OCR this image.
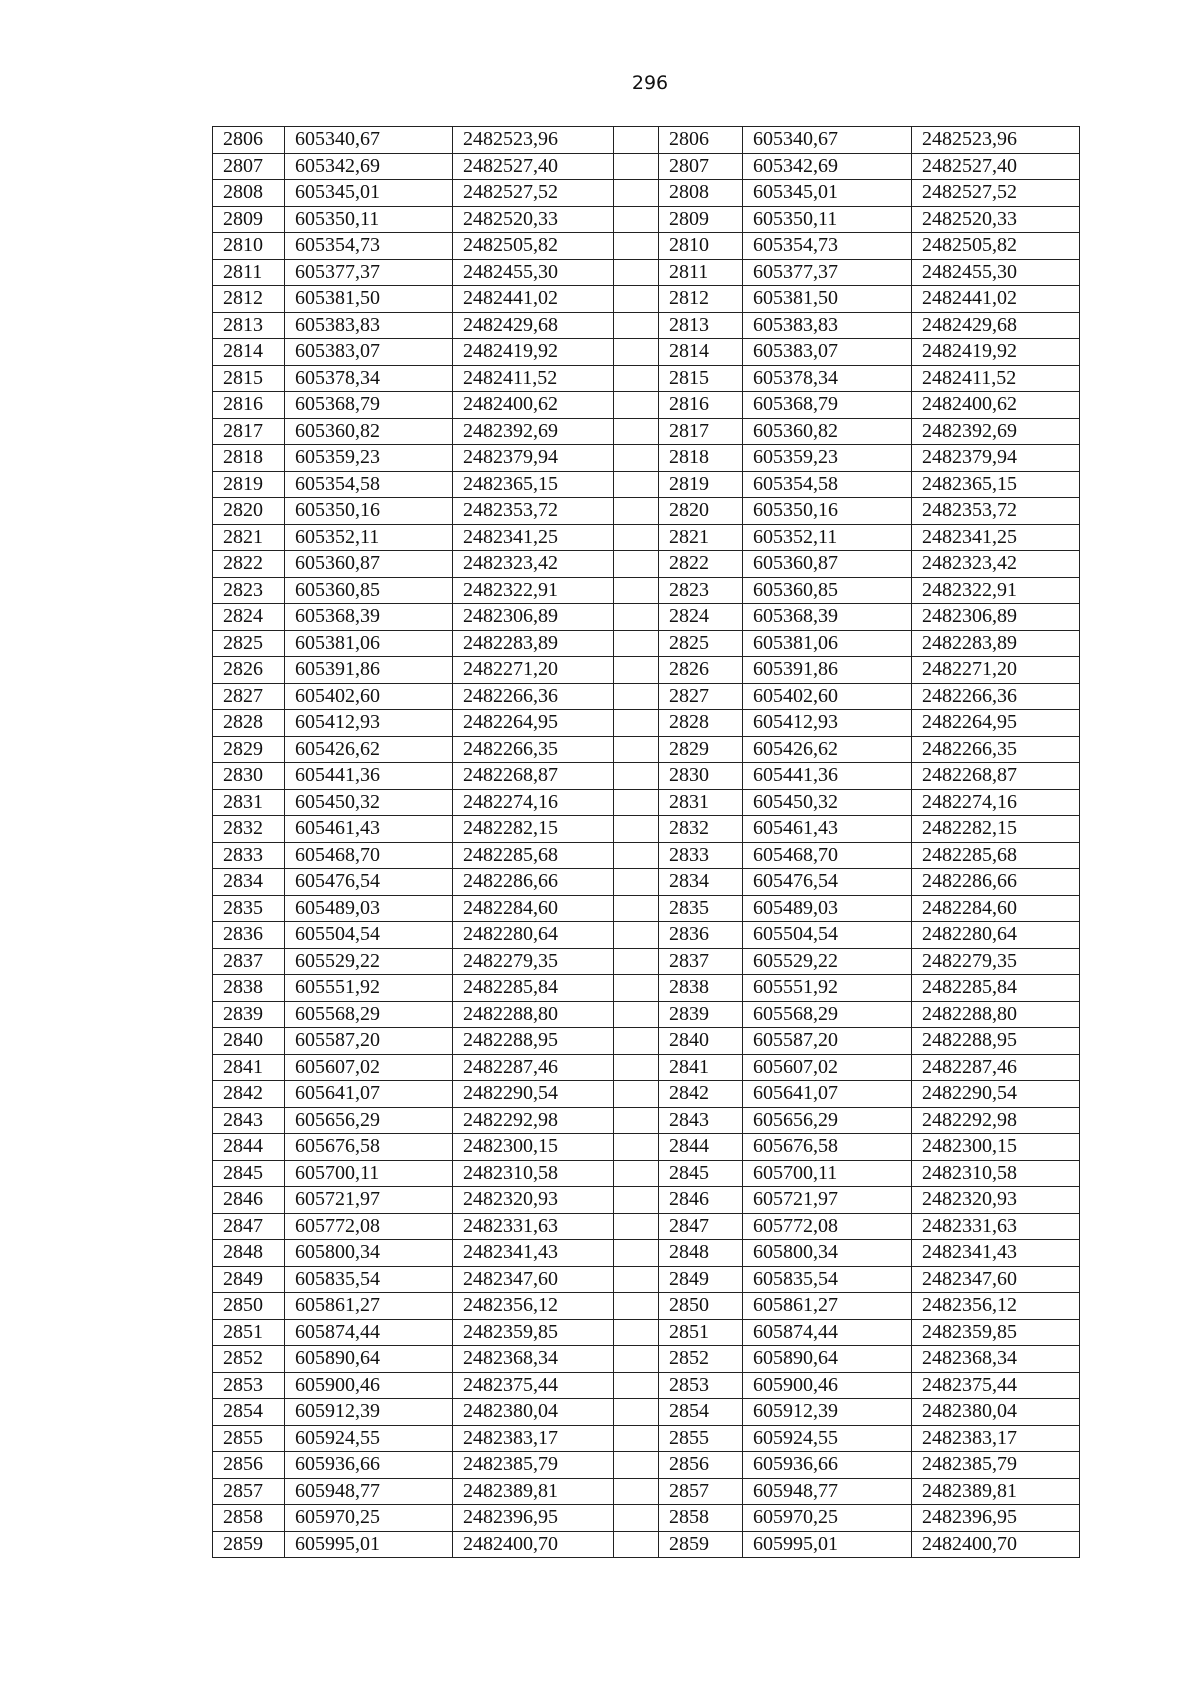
296
2806	605340,67	2482523,96		2806	605340,67	2482523,96
2807	605342,69	2482527,40		2807	605342,69	2482527,40
2808	605345,01	2482527,52		2808	605345,01	2482527,52
2809	605350,11	2482520,33		2809	605350,11	2482520,33
2810	605354,73	2482505,82		2810	605354,73	2482505,82
2811	605377,37	2482455,30		2811	605377,37	2482455,30
2812	605381,50	2482441,02		2812	605381,50	2482441,02
2813	605383,83	2482429,68		2813	605383,83	2482429,68
2814	605383,07	2482419,92		2814	605383,07	2482419,92
2815	605378,34	2482411,52		2815	605378,34	2482411,52
2816	605368,79	2482400,62		2816	605368,79	2482400,62
2817	605360,82	2482392,69		2817	605360,82	2482392,69
2818	605359,23	2482379,94		2818	605359,23	2482379,94
2819	605354,58	2482365,15		2819	605354,58	2482365,15
2820	605350,16	2482353,72		2820	605350,16	2482353,72
2821	605352,11	2482341,25		2821	605352,11	2482341,25
2822	605360,87	2482323,42		2822	605360,87	2482323,42
2823	605360,85	2482322,91		2823	605360,85	2482322,91
2824	605368,39	2482306,89		2824	605368,39	2482306,89
2825	605381,06	2482283,89		2825	605381,06	2482283,89
2826	605391,86	2482271,20		2826	605391,86	2482271,20
2827	605402,60	2482266,36		2827	605402,60	2482266,36
2828	605412,93	2482264,95		2828	605412,93	2482264,95
2829	605426,62	2482266,35		2829	605426,62	2482266,35
2830	605441,36	2482268,87		2830	605441,36	2482268,87
2831	605450,32	2482274,16		2831	605450,32	2482274,16
2832	605461,43	2482282,15		2832	605461,43	2482282,15
2833	605468,70	2482285,68		2833	605468,70	2482285,68
2834	605476,54	2482286,66		2834	605476,54	2482286,66
2835	605489,03	2482284,60		2835	605489,03	2482284,60
2836	605504,54	2482280,64		2836	605504,54	2482280,64
2837	605529,22	2482279,35		2837	605529,22	2482279,35
2838	605551,92	2482285,84		2838	605551,92	2482285,84
2839	605568,29	2482288,80		2839	605568,29	2482288,80
2840	605587,20	2482288,95		2840	605587,20	2482288,95
2841	605607,02	2482287,46		2841	605607,02	2482287,46
2842	605641,07	2482290,54		2842	605641,07	2482290,54
2843	605656,29	2482292,98		2843	605656,29	2482292,98
2844	605676,58	2482300,15		2844	605676,58	2482300,15
2845	605700,11	2482310,58		2845	605700,11	2482310,58
2846	605721,97	2482320,93		2846	605721,97	2482320,93
2847	605772,08	2482331,63		2847	605772,08	2482331,63
2848	605800,34	2482341,43		2848	605800,34	2482341,43
2849	605835,54	2482347,60		2849	605835,54	2482347,60
2850	605861,27	2482356,12		2850	605861,27	2482356,12
2851	605874,44	2482359,85		2851	605874,44	2482359,85
2852	605890,64	2482368,34		2852	605890,64	2482368,34
2853	605900,46	2482375,44		2853	605900,46	2482375,44
2854	605912,39	2482380,04		2854	605912,39	2482380,04
2855	605924,55	2482383,17		2855	605924,55	2482383,17
2856	605936,66	2482385,79		2856	605936,66	2482385,79
2857	605948,77	2482389,81		2857	605948,77	2482389,81
2858	605970,25	2482396,95		2858	605970,25	2482396,95
2859	605995,01	2482400,70		2859	605995,01	2482400,70
